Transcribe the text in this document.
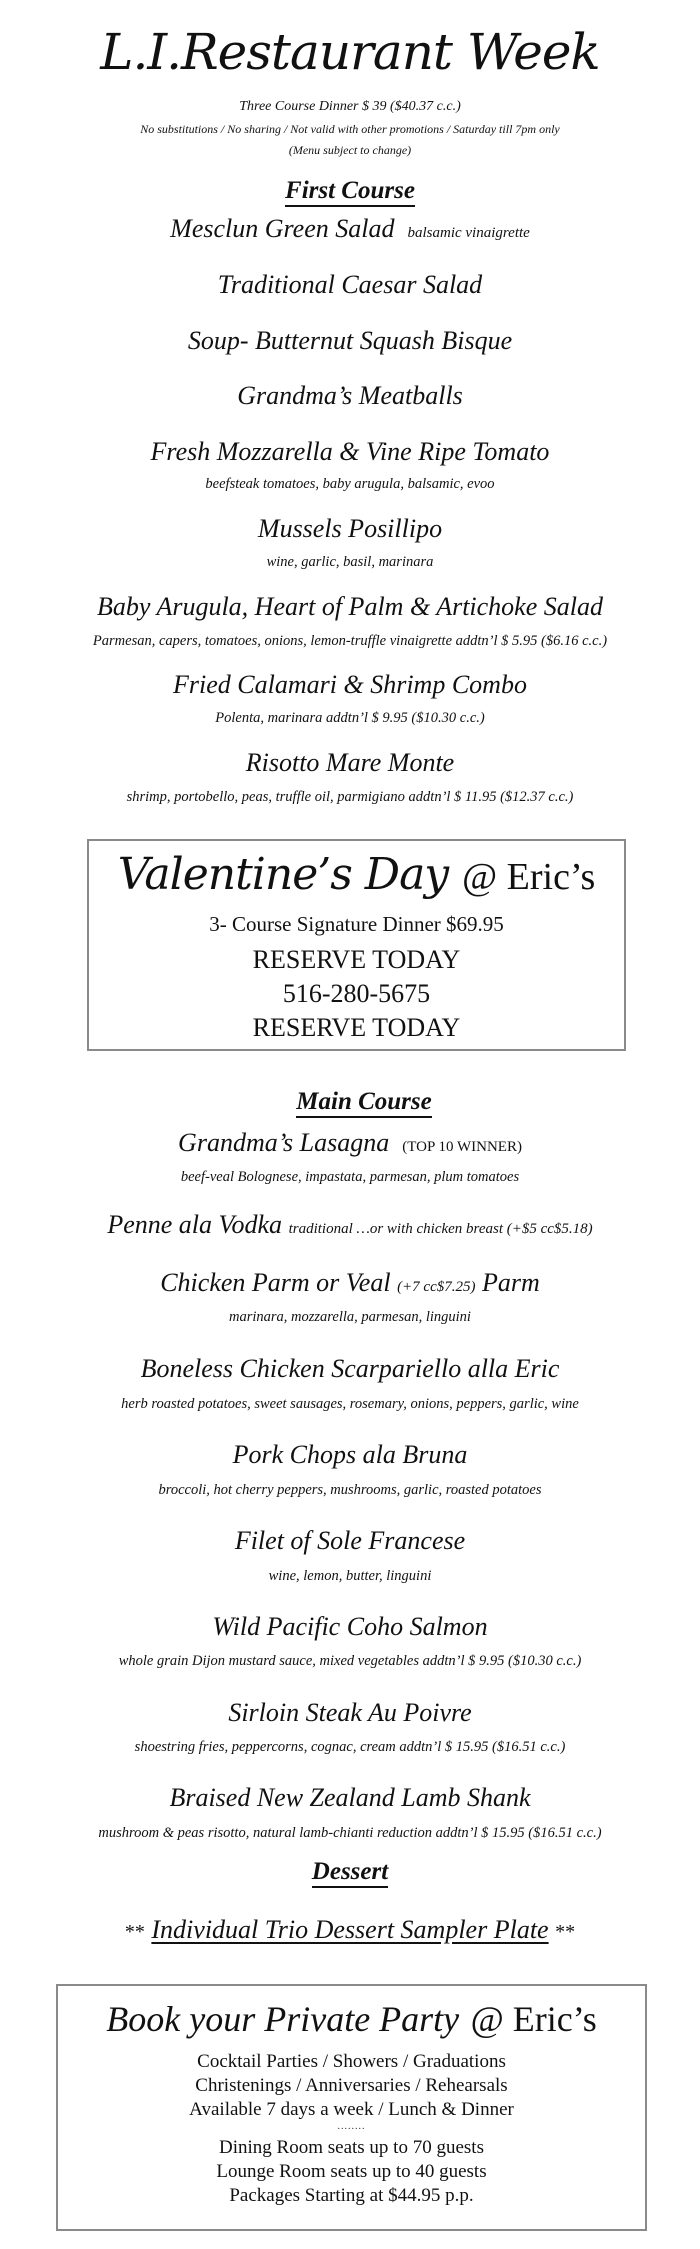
L.I.Restaurant Week
Three Course Dinner $ 39 ($40.37 c.c.)
No substitutions / No sharing / Not valid with other promotions / Saturday till 7pm only
(Menu subject to change)
First Course
Mesclun Green Salad balsamic vinaigrette
Traditional Caesar Salad
Soup- Butternut Squash Bisque
Grandma’s Meatballs
Fresh Mozzarella & Vine Ripe Tomato
beefsteak tomatoes, baby arugula, balsamic, evoo
Mussels Posillipo
wine, garlic, basil, marinara
Baby Arugula, Heart of Palm & Artichoke Salad
Parmesan, capers, tomatoes, onions, lemon-truffle vinaigrette addtn’l $ 5.95 ($6.16 c.c.)
Fried Calamari & Shrimp Combo
Polenta, marinara addtn’l $ 9.95 ($10.30 c.c.)
Risotto Mare Monte
shrimp, portobello, peas, truffle oil, parmigiano addtn’l $ 11.95 ($12.37 c.c.)
Valentine’s Day @ Eric’s
3- Course Signature Dinner $69.95
RESERVE TODAY
516-280-5675
RESERVE TODAY
Main Course
Grandma’s Lasagna (TOP 10 WINNER)
beef-veal Bolognese, impastata, parmesan, plum tomatoes
Penne ala Vodka traditional …or with chicken breast (+$5 cc$5.18)
Chicken Parm or Veal (+7 cc$7.25) Parm
marinara, mozzarella, parmesan, linguini
Boneless Chicken Scarpariello alla Eric
herb roasted potatoes, sweet sausages, rosemary, onions, peppers, garlic, wine
Pork Chops ala Bruna
broccoli, hot cherry peppers, mushrooms, garlic, roasted potatoes
Filet of Sole Francese
wine, lemon, butter, linguini
Wild Pacific Coho Salmon
whole grain Dijon mustard sauce, mixed vegetables addtn’l $ 9.95 ($10.30 c.c.)
Sirloin Steak Au Poivre
shoestring fries, peppercorns, cognac, cream addtn’l $ 15.95 ($16.51 c.c.)
Braised New Zealand Lamb Shank
mushroom & peas risotto, natural lamb-chianti reduction addtn’l $ 15.95 ($16.51 c.c.)
Dessert
** Individual Trio Dessert Sampler Plate **
Book your Private Party @ Eric’s
Cocktail Parties / Showers / Graduations
Christenings / Anniversaries / Rehearsals
Available 7 days a week / Lunch & Dinner
........
Dining Room seats up to 70 guests
Lounge Room seats up to 40 guests
Packages Starting at $44.95 p.p.
